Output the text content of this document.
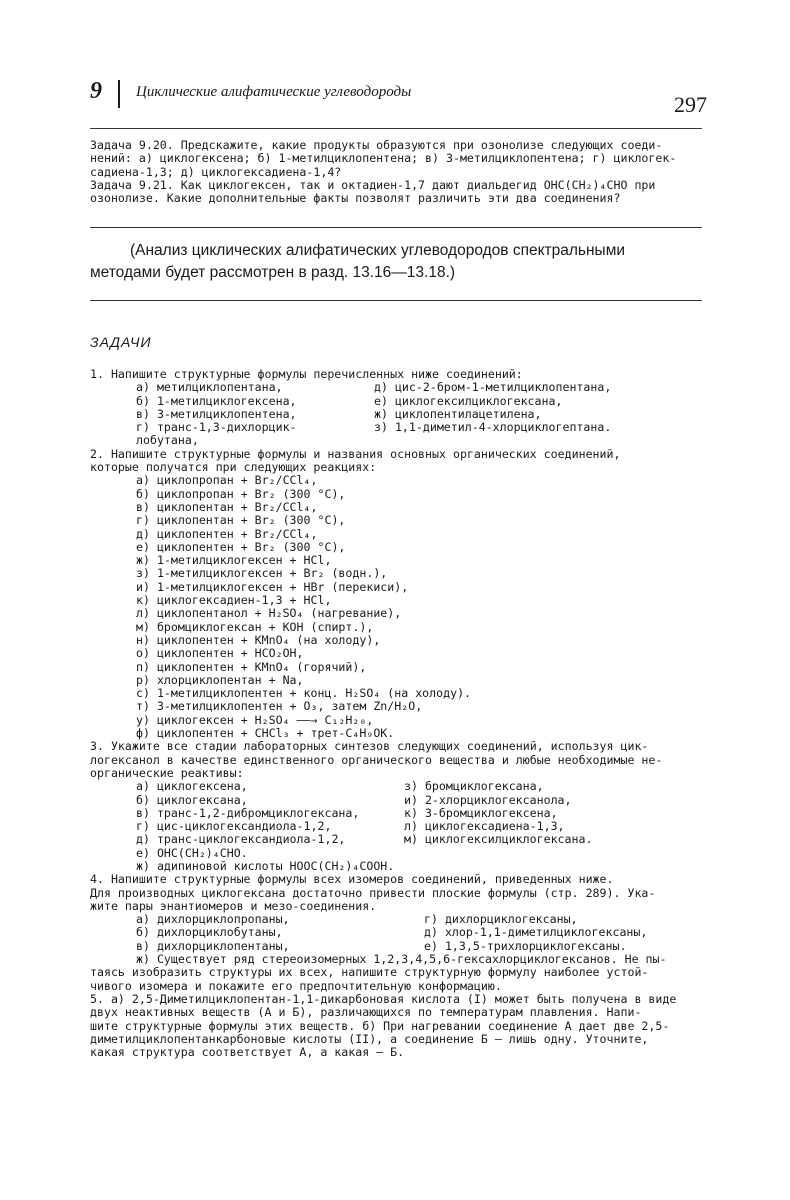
9 Циклические алифатические углеводороды	297
Задача 9.20. Предскажите, какие продукты образуются при озонолизе следующих соеди-
нений: а) циклогексена; б) 1-метилциклопентена; в) 3-метилциклопентена; г) циклогек-
садиена-1,3; д) циклогексадиена-1,4?
Задача 9.21. Как циклогексен, так и октадиен-1,7 дают диальдегид OHC(CH₂)₄CHO при
озонолизе. Какие дополнительные факты позволят различить эти два соединения?
(Анализ циклических алифатических углеводородов спектральными
методами будет рассмотрен в разд. 13.16—13.18.)
ЗАДАЧИ
1. Напишите структурные формулы перечисленных ниже соединений:
а) метилциклопентана,	д) цис-2-бром-1-метилциклопентана,
б) 1-метилциклогексена,	е) циклогексилциклогексана,
в) 3-метилциклопентена,	ж) циклопентилацетилена,
г) транс-1,3-дихлорцик-	з) 1,1-диметил-4-хлорциклогептана.
лобутана,
2. Напишите структурные формулы и названия основных органических соединений,
которые получатся при следующих реакциях:
а) циклопропан + Br₂/CCl₄,
б) циклопропан + Br₂ (300 °C),
в) циклопентан + Br₂/CCl₄,
г) циклопентан + Br₂ (300 °C),
д) циклопентен + Br₂/CCl₄,
е) циклопентен + Br₂ (300 °C),
ж) 1-метилциклогексен + HCl,
з) 1-метилциклогексен + Br₂ (водн.),
и) 1-метилциклогексен + HBr (перекиси),
к) циклогексадиен-1,3 + HCl,
л) циклопентанол + H₂SO₄ (нагревание),
м) бромциклогексан + KOH (спирт.),
н) циклопентен + KMnO₄ (на холоду),
о) циклопентен + HCO₂OH,
п) циклопентен + KMnO₄ (горячий),
р) хлорциклопентан + Na,
с) 1-метилциклопентен + конц. H₂SO₄ (на холоду).
т) 3-метилциклопентен + O₃, затем Zn/H₂O,
у) циклогексен + H₂SO₄ ——→ C₁₂H₂₀,
ф) циклопентен + CHCl₃ + трет-C₄H₉OK.
3. Укажите все стадии лабораторных синтезов следующих соединений, используя цик-
логексанол в качестве единственного органического вещества и любые необходимые не-
органические реактивы:
а) циклогексена,	з) бромциклогексана,
б) циклогексана,	и) 2-хлорциклогексанола,
в) транс-1,2-дибромциклогексана,	к) 3-бромциклогексена,
г) цис-циклогександиола-1,2,	л) циклогексадиена-1,3,
д) транс-циклогександиола-1,2,	м) циклогексилциклогексана.
е) OHC(CH₂)₄CHO.
ж) адипиновой кислоты HOOC(CH₂)₄COOH.
4. Напишите структурные формулы всех изомеров соединений, приведенных ниже.
Для производных циклогексана достаточно привести плоские формулы (стр. 289). Ука-
жите пары энантиомеров и мезо-соединения.
а) дихлорциклопропаны,	г) дихлорциклогексаны,
б) дихлорциклобутаны,	д) хлор-1,1-диметилциклогексаны,
в) дихлорциклопентаны,	е) 1,3,5-трихлорциклогексаны.
ж) Существует ряд стереоизомерных 1,2,3,4,5,6-гексахлорциклогексанов. Не пы-
таясь изобразить структуры их всех, напишите структурную формулу наиболее устой-
чивого изомера и покажите его предпочтительную конформацию.
5. а) 2,5-Диметилциклопентан-1,1-дикарбоновая кислота (I) может быть получена в виде
двух неактивных веществ (А и Б), различающихся по температурам плавления. Напи-
шите структурные формулы этих веществ. б) При нагревании соединение А дает две 2,5-
диметилциклопентанкарбоновые кислоты (II), а соединение Б — лишь одну. Уточните,
какая структура соответствует А, а какая — Б.
